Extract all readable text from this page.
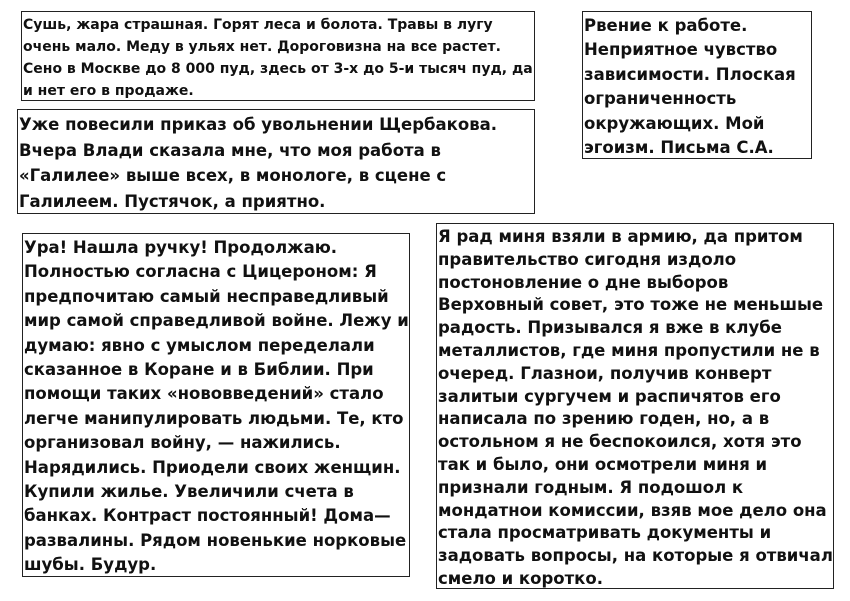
Сушь, жара страшная. Горят леса и болота. Травы в лугу очень мало. Меду в ульях нет. Дороговизна на все растет. Сено в Москве до 8 000 пуд, здесь от 3-х до 5-и тысяч пуд, да и нет его в продаже.
Рвение к работе. Неприятное чувство зависимости. Плоская ограниченность окружающих. Мой эгоизм. Письма С.А.
Уже повесили приказ об увольнении Щербакова. Вчера Влади сказала мне, что моя работа в «Галилее» выше всех, в монологе, в сцене с Галилеем. Пустячок, а приятно.
Ура! Нашла ручку! Продолжаю. Полностью согласна с Цицероном: Я предпочитаю самый несправедливый мир самой справедливой войне. Лежу и думаю: явно с умыслом переделали сказанное в Коране и в Библии. При помощи таких «нововведений» стало легче манипулировать людьми. Те, кто организовал войну, — нажились. Нарядились. Приодели своих женщин. Купили жилье. Увеличили счета в банках. Контраст постоянный! Дома— развалины. Рядом новенькие норковые шубы. Будур.
Я рад миня взяли в армию, да притом правительство сигодня издоло постоновление о дне выборов Верховный совет, это тоже не меньшые радость. Призывался я вже в клубе металлистов, где миня пропустили не в очеред. Глазнои, получив конверт залитыи сургучем и распичятов его написала по зрению годен, но, а в остольном я не беспокоился, хотя это так и было, они осмотрели миня и признали годным. Я подошол к мондатнои комиссии, взяв мое дело она стала просматривать документы и задовать вопросы, на которые я отвичал смело и коротко.
